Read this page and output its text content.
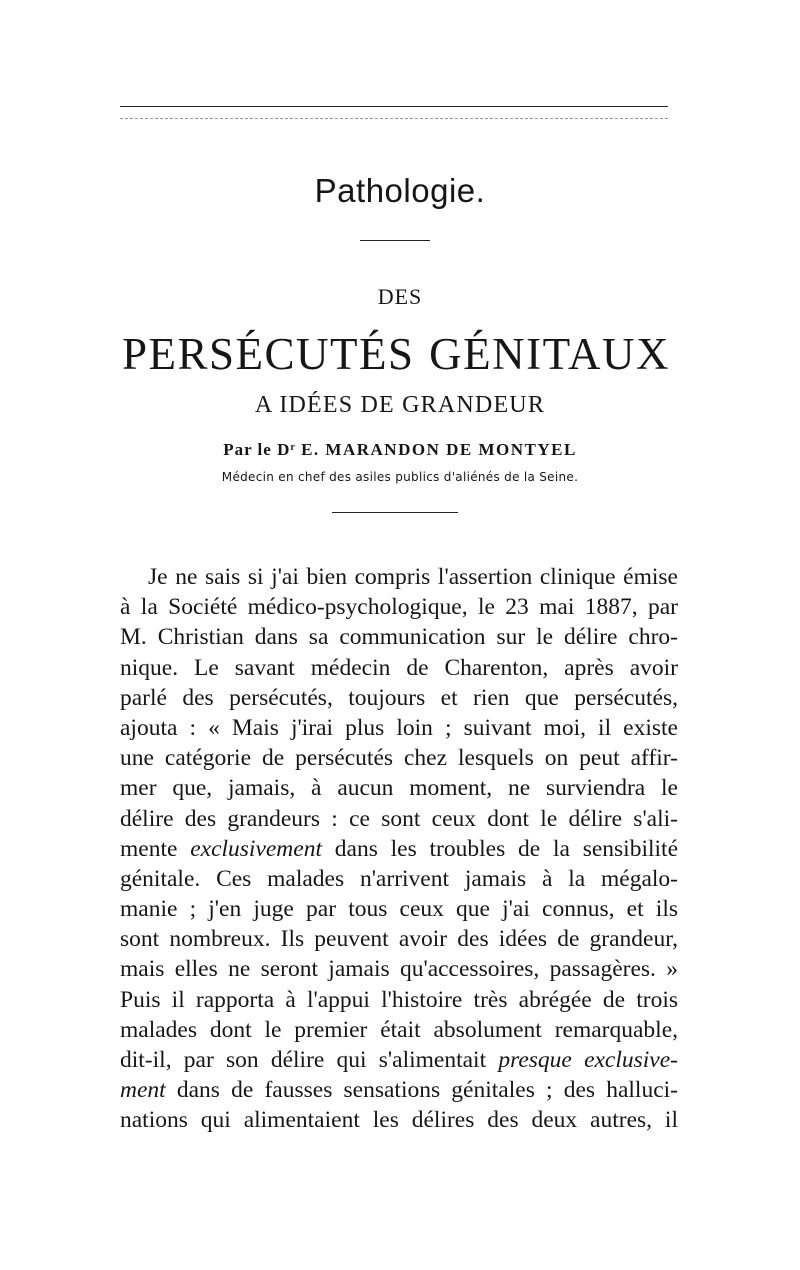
Pathologie.
DES
PERSÉCUTÉS GÉNITAUX
A IDÉES DE GRANDEUR
Par le $D^r$ E. MARANDON DE MONTYEL
Médecin en chef des asiles publics d'aliénés de la Seine.
Je ne sais si j'ai bien compris l'assertion clinique émise
à la Société médico-psychologique, le 23 mai 1887, par
M. Christian dans sa communication sur le délire chro-
nique. Le savant médecin de Charenton, après avoir
parlé des persécutés, toujours et rien que persécutés,
ajouta : « Mais j'irai plus loin ; suivant moi, il existe
une catégorie de persécutés chez lesquels on peut affir-
mer que, jamais, à aucun moment, ne surviendra le
délire des grandeurs : ce sont ceux dont le délire s'ali-
mente exclusivement dans les troubles de la sensibilité
génitale. Ces malades n'arrivent jamais à la mégalo-
manie ; j'en juge par tous ceux que j'ai connus, et ils
sont nombreux. Ils peuvent avoir des idées de grandeur,
mais elles ne seront jamais qu'accessoires, passagères. »
Puis il rapporta à l'appui l'histoire très abrégée de trois
malades dont le premier était absolument remarquable,
dit-il, par son délire qui s'alimentait presque exclusive-
ment dans de fausses sensations génitales ; des halluci-
nations qui alimentaient les délires des deux autres, il
